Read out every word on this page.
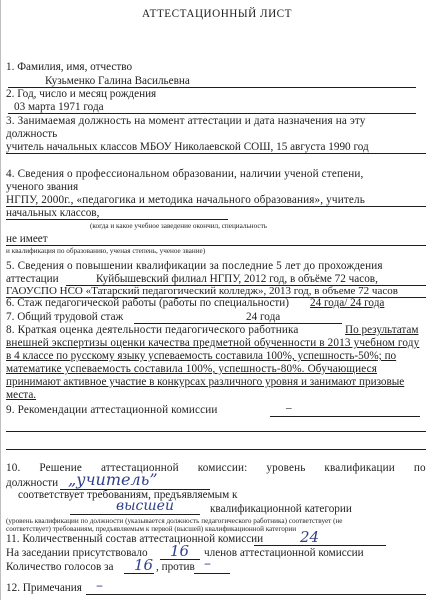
АТТЕСТАЦИОННЫЙ ЛИСТ
1. Фамилия, имя, отчество
Кузьменко Галина Васильевна
2. Год, число и месяц рождения
03 марта 1971 года
3. Занимаемая должность на момент аттестации и дата назначения на эту
должность
учитель начальных классов МБОУ Николаевской СОШ, 15 августа 1990 год
4. Сведения о профессиональном образовании, наличии ученой степени,
ученого звания
НГПУ, 2000г., «педагогика и методика начального образования», учитель
начальных классов,
(когда и какое учебное заведение окончил, специальность
не имеет
и квалификация по образованию, ученая степень, ученое звание)
5. Сведения о повышении квалификации за последние 5 лет до прохождения
аттестации	Куйбышевский филиал НГПУ, 2012 год, в объёме 72 часов,
ГАОУСПО НСО «Татарский педагогический колледж», 2013 год, в объеме 72 часов
6. Стаж педагогической работы (работы по специальности) 24 года/ 24 года
7. Общий трудовой стаж	24 года
8. Краткая оценка деятельности педагогического работника	По результатам
внешней экспертизы оценки качества предметной обученности в 2013 учебном году
в 4 классе по русскому языку успеваемость составила 100%, успешность-50%; по
математике успеваемость составила 100%, успешность-80%. Обучающиеся
принимают активное участие в конкурсах различного уровня и занимают призовые
места.
9. Рекомендации аттестационной комиссии	–
10. Решение аттестационной комиссии: уровень квалификации по
должности „учитель”
соответствует требованиям, предъявляемым к
высшей	квалификационной категории
(уровень квалификации по должности (указывается должность педагогического работника) соответствует (не
соответствует) требованиям, предъявляемым к первой (высшей) квалификационной категории
11. Количественный состав аттестационной комиссии 24
На заседании присутствовало 16 членов аттестационной комиссии
Количество голосов за 16 , против –
12. Примечания –
